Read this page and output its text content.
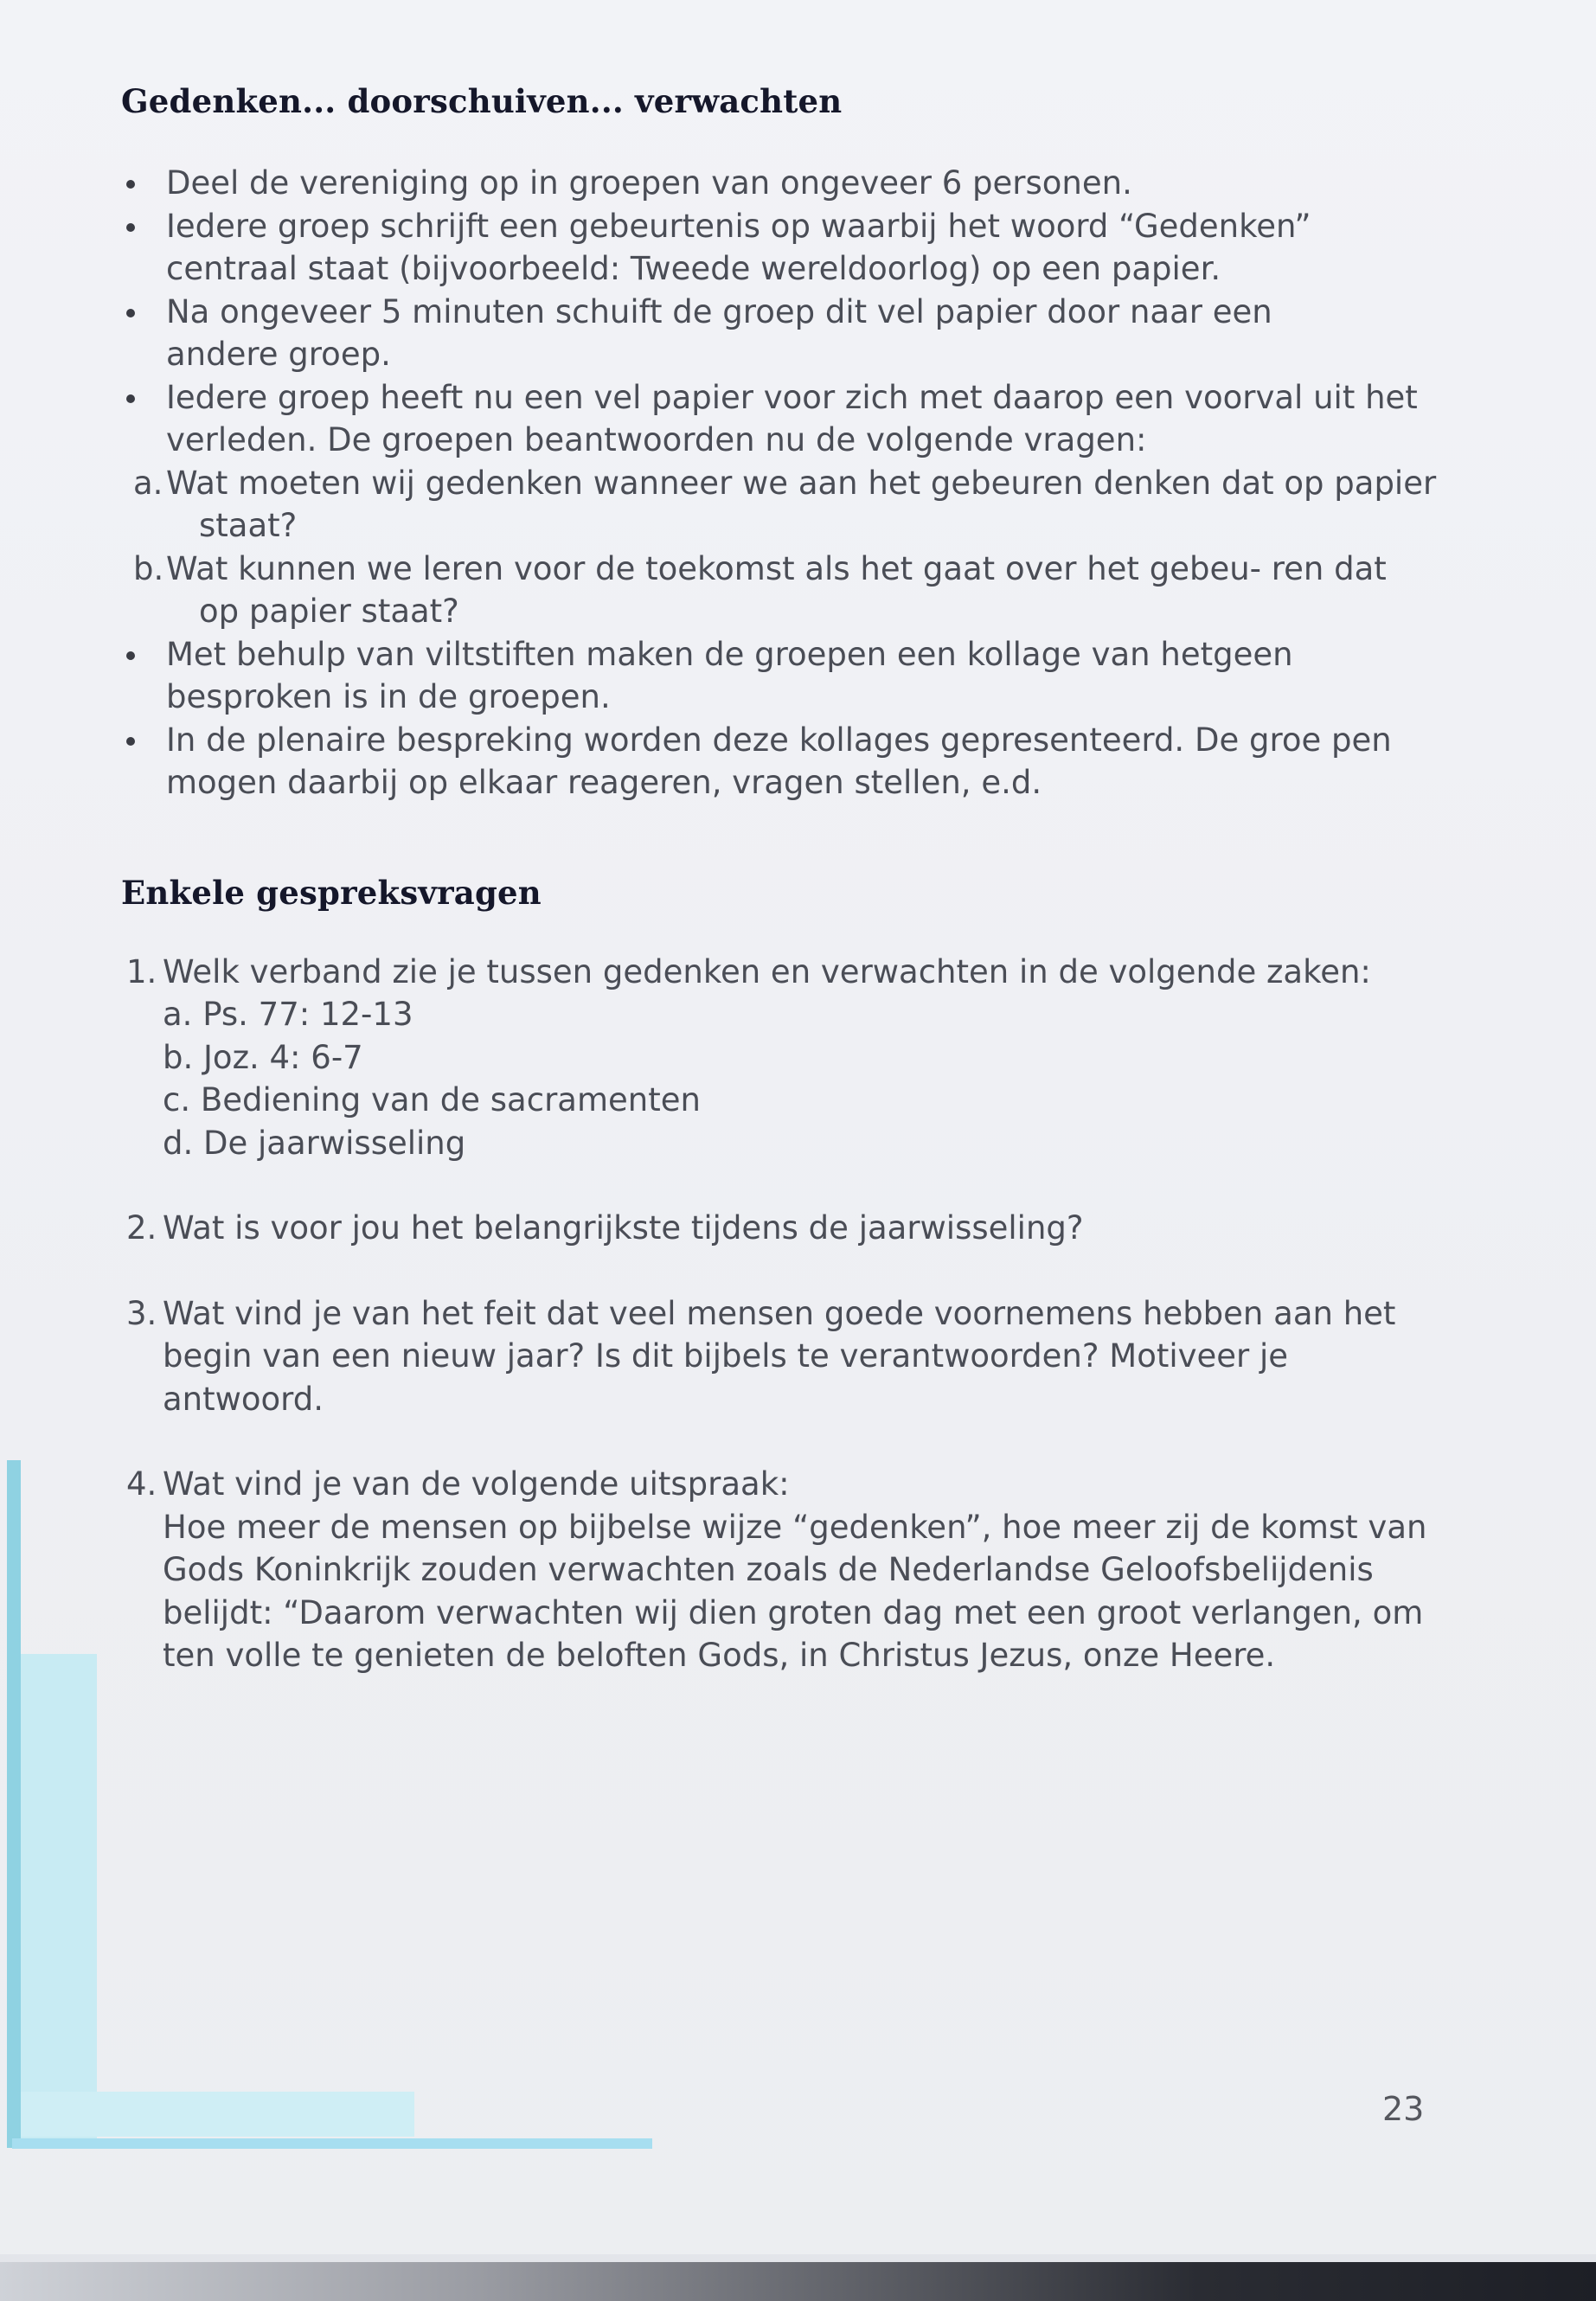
Gedenken... doorschuiven... verwachten
Deel de vereniging op in groepen van ongeveer 6 personen.
Iedere groep schrijft een gebeurtenis op waarbij het woord “Gedenken” centraal staat (bijvoorbeeld: Tweede wereldoorlog) op een papier.
Na ongeveer 5 minuten schuift de groep dit vel papier door naar een andere groep.
Iedere groep heeft nu een vel papier voor zich met daarop een voorval uit het verleden. De groepen beantwoorden nu de volgende vragen:
a.Wat moeten wij gedenken wanneer we aan het gebeuren denken dat op papier staat?
b.Wat kunnen we leren voor de toekomst als het gaat over het gebeu- ren dat op papier staat?
Met behulp van viltstiften maken de groepen een kollage van hetgeen besproken is in de groepen.
In de plenaire bespreking worden deze kollages gepresenteerd. De groe pen mogen daarbij op elkaar reageren, vragen stellen, e.d.
Enkele gespreksvragen
1. Welk verband zie je tussen gedenken en verwachten in de volgende zaken:
a. Ps. 77: 12-13
b. Joz. 4: 6-7
c. Bediening van de sacramenten
d. De jaarwisseling
2. Wat is voor jou het belangrijkste tijdens de jaarwisseling?
3. Wat vind je van het feit dat veel mensen goede voornemens hebben aan het begin van een nieuw jaar? Is dit bijbels te verantwoorden? Motiveer je antwoord.
4. Wat vind je van de volgende uitspraak:
Hoe meer de mensen op bijbelse wijze “gedenken”, hoe meer zij de komst van Gods Koninkrijk zouden verwachten zoals de Nederlandse Geloofsbelijdenis belijdt: “Daarom verwachten wij dien groten dag met een groot verlangen, om ten volle te genieten de beloften Gods, in Christus Jezus, onze Heere.
23
